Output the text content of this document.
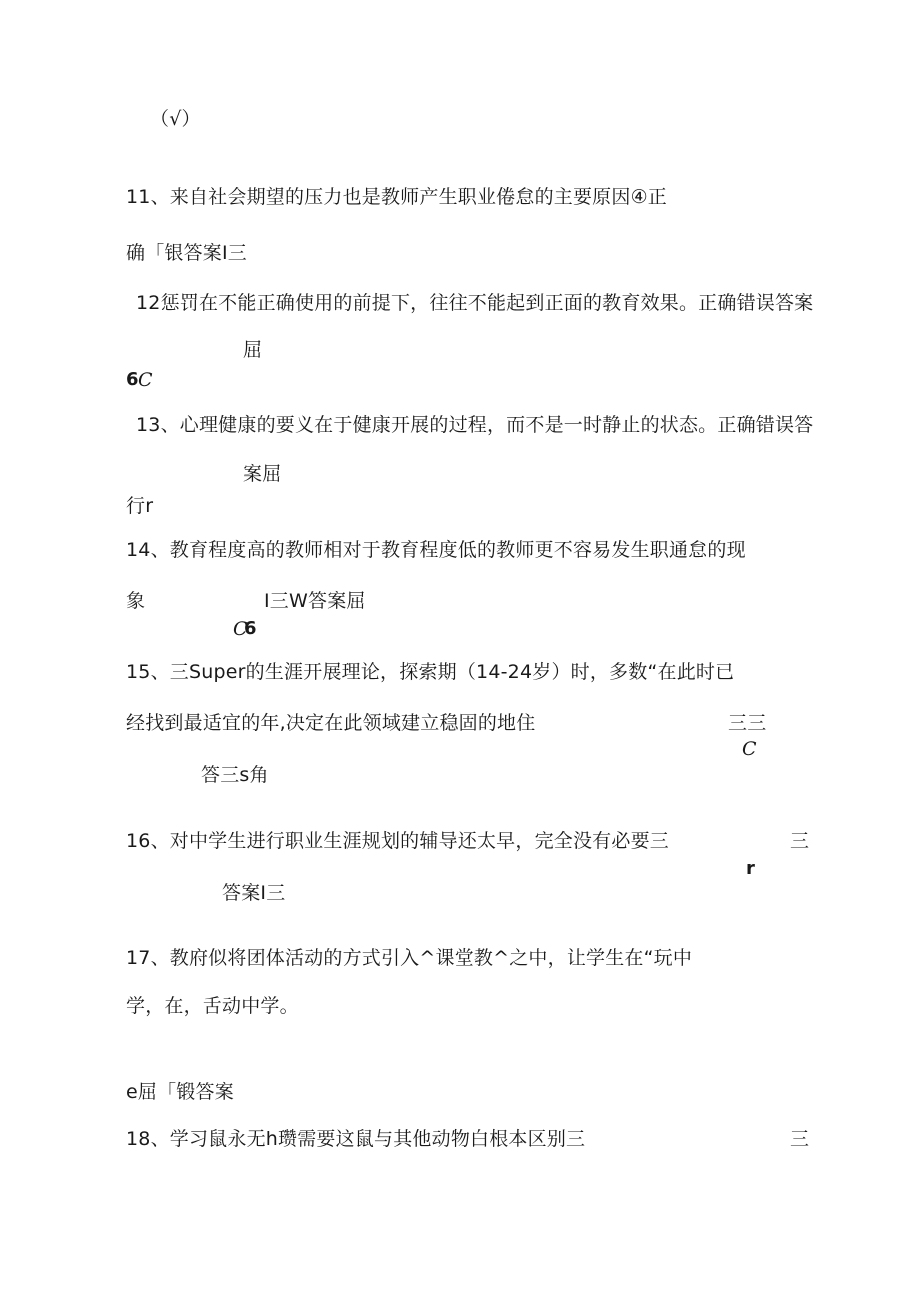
（√）
11、来自社会期望的压力也是教师产生职业倦怠的主要原因④正
确「银答案I三
12惩罚在不能正确使用的前提下，往往不能起到正面的教育效果。正确错误答案
屈
6 C
13、心理健康的要义在于健康开展的过程，而不是一时静止的状态。正确错误答
案屈
行r
14、教育程度高的教师相对于教育程度低的教师更不容易发生职通怠的现
象	I三W答案屈
C
6
15、三Super的生涯开展理论，探索期（14-24岁）时，多数“在此时已
经找到最适宜的年,决定在此领域建立稳固的地住	三三
C
答三s角
16、对中学生进行职业生涯规划的辅导还太早，完全没有必要三	三
r
答案I三
17、教府似将团体活动的方式引入^课堂教^之中，让学生在“玩中
学，在，舌动中学。
e屈「锻答案
18、学习鼠永无h瓒需要这鼠与其他动物白根本区别三	三
